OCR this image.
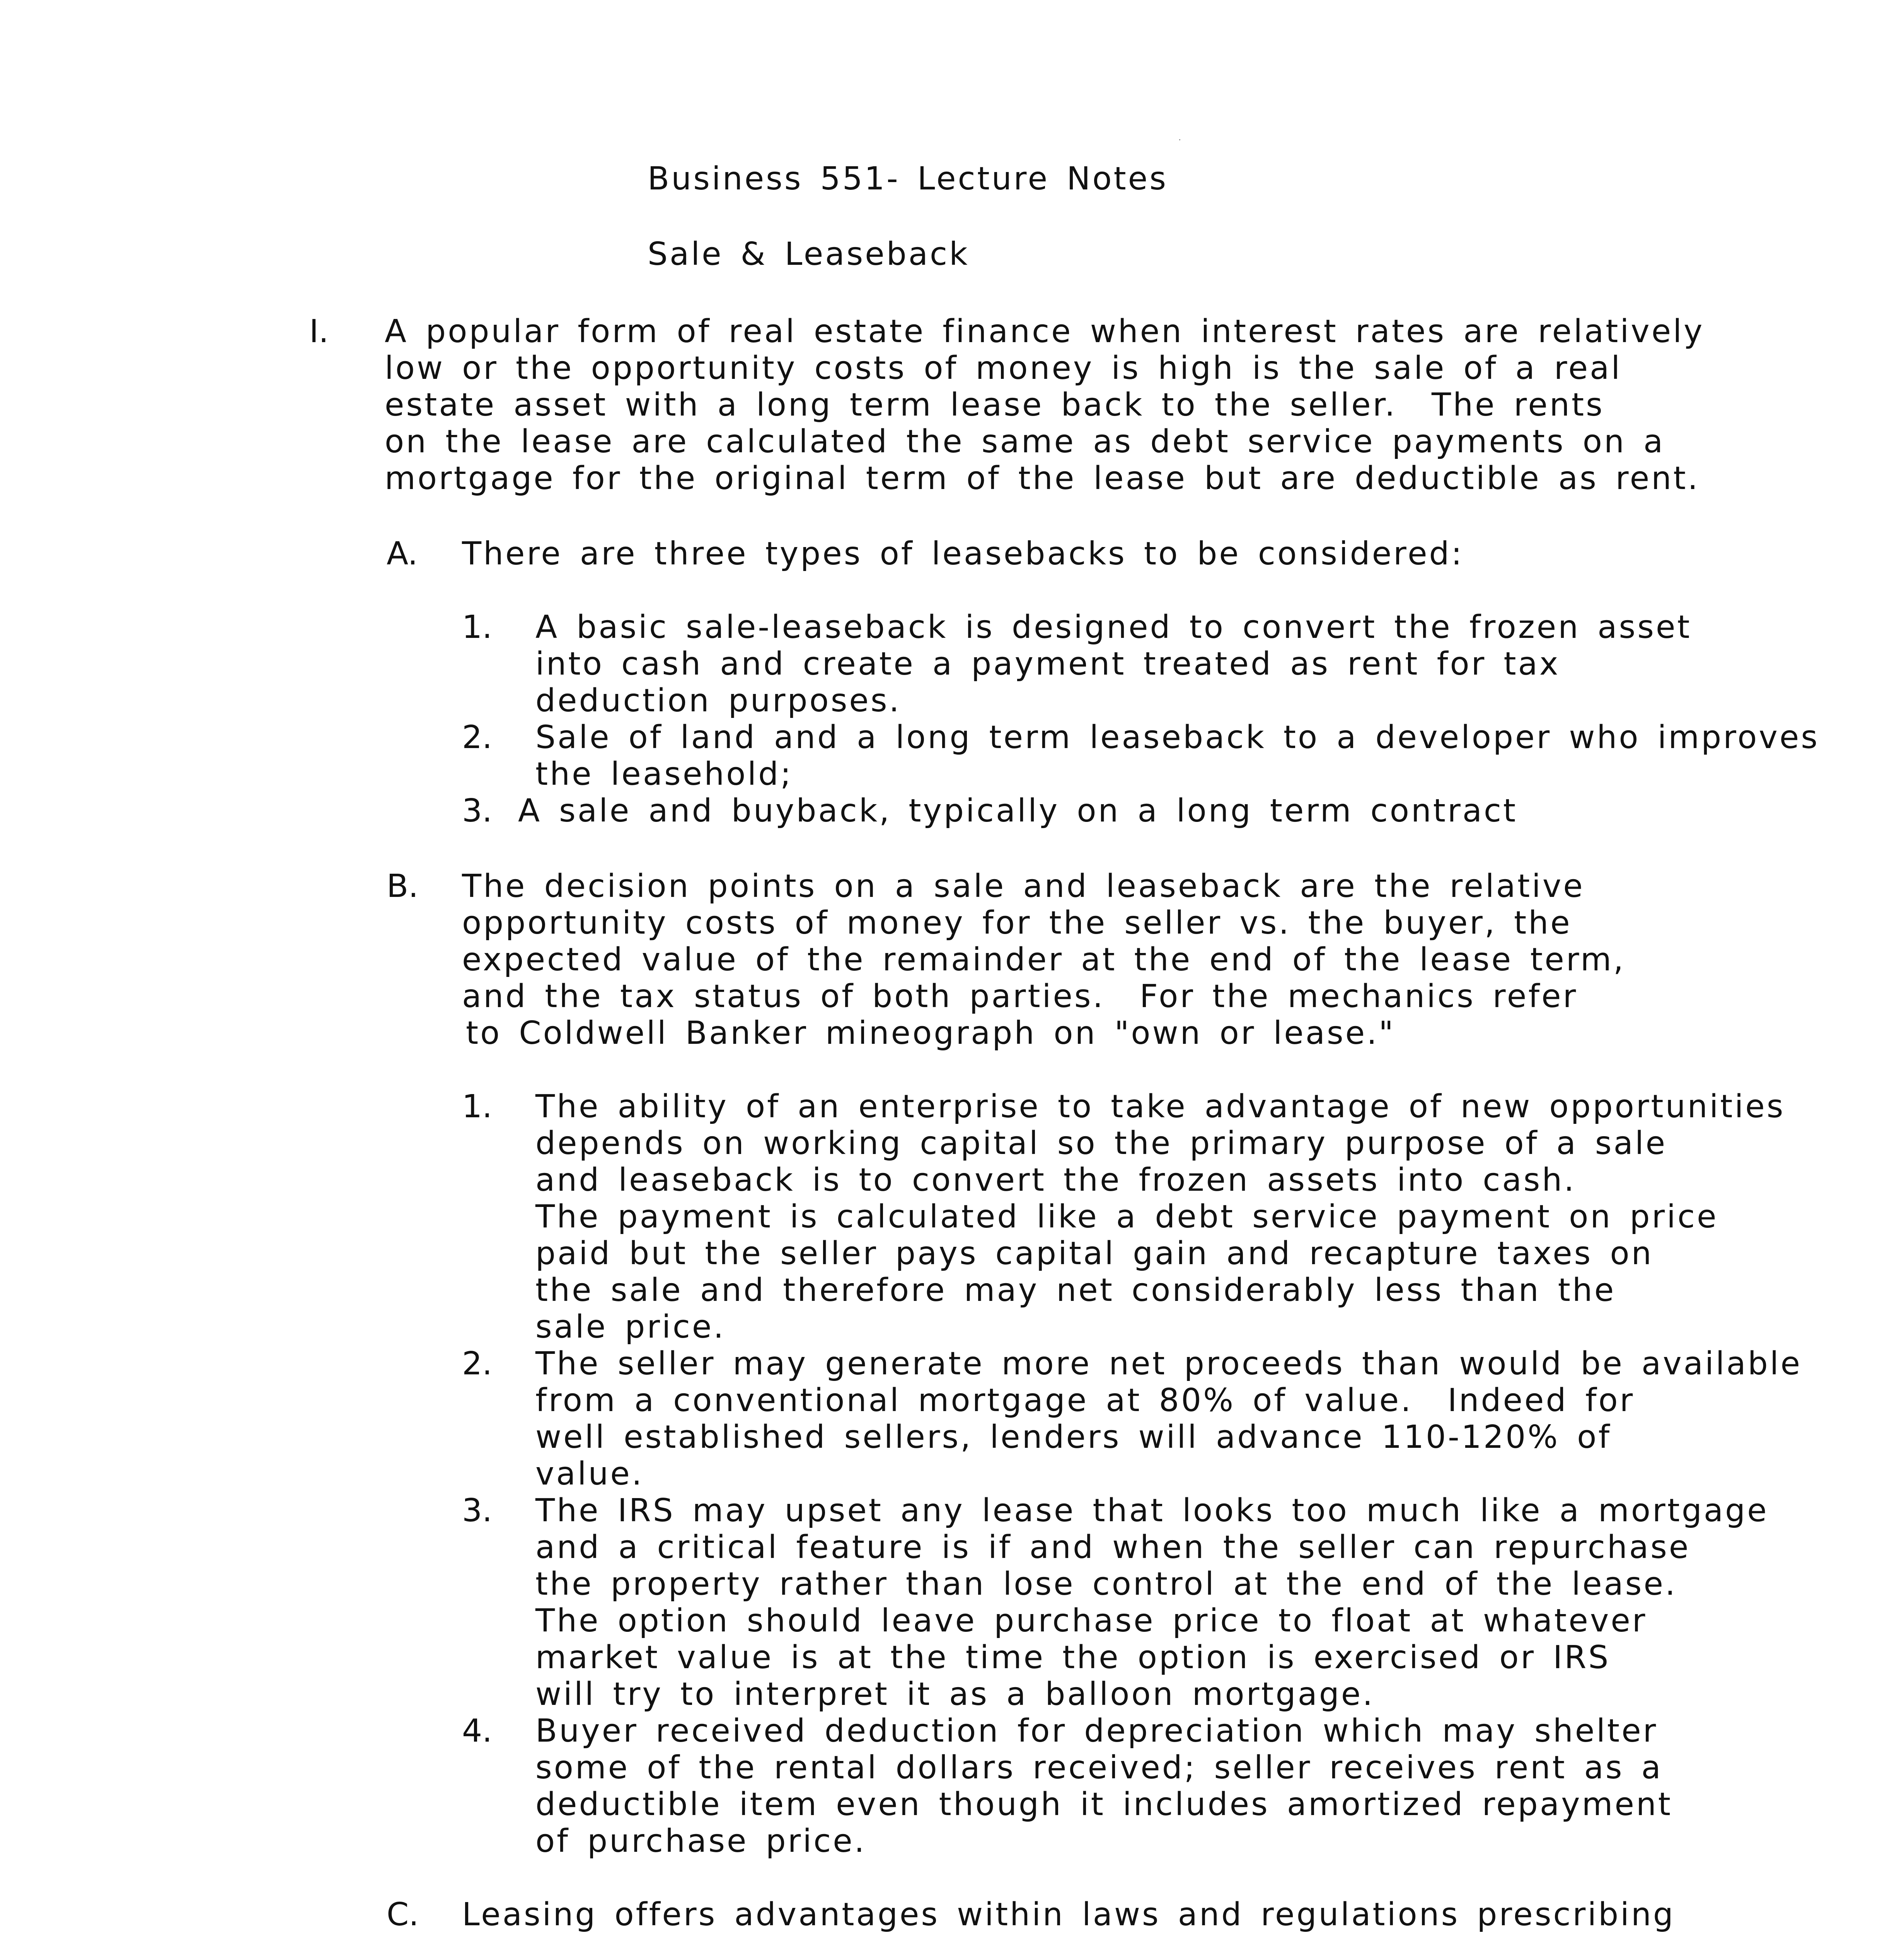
Business 551- Lecture Notes
Sale & Leaseback
I. A popular form of real estate finance when interest rates are relatively
low or the opportunity costs of money is high is the sale of a real
estate asset with a long term lease back to the seller.  The rents
on the lease are calculated the same as debt service payments on a
mortgage for the original term of the lease but are deductible as rent.
A. There are three types of leasebacks to be considered:
1. A basic sale-leaseback is designed to convert the frozen asset
into cash and create a payment treated as rent for tax
deduction purposes.
2. Sale of land and a long term leaseback to a developer who improves
the leasehold;
3. A sale and buyback, typically on a long term contract
B. The decision points on a sale and leaseback are the relative
opportunity costs of money for the seller vs. the buyer, the
expected value of the remainder at the end of the lease term,
and the tax status of both parties.  For the mechanics refer
to Coldwell Banker mineograph on "own or lease."
1. The ability of an enterprise to take advantage of new opportunities
depends on working capital so the primary purpose of a sale
and leaseback is to convert the frozen assets into cash.
The payment is calculated like a debt service payment on price
paid but the seller pays capital gain and recapture taxes on
the sale and therefore may net considerably less than the
sale price.
2. The seller may generate more net proceeds than would be available
from a conventional mortgage at 80% of value.  Indeed for
well established sellers, lenders will advance 110-120% of
value.
3. The IRS may upset any lease that looks too much like a mortgage
and a critical feature is if and when the seller can repurchase
the property rather than lose control at the end of the lease.
The option should leave purchase price to float at whatever
market value is at the time the option is exercised or IRS
will try to interpret it as a balloon mortgage.
4. Buyer received deduction for depreciation which may shelter
some of the rental dollars received; seller receives rent as a
deductible item even though it includes amortized repayment
of purchase price.
C. Leasing offers advantages within laws and regulations prescribing
